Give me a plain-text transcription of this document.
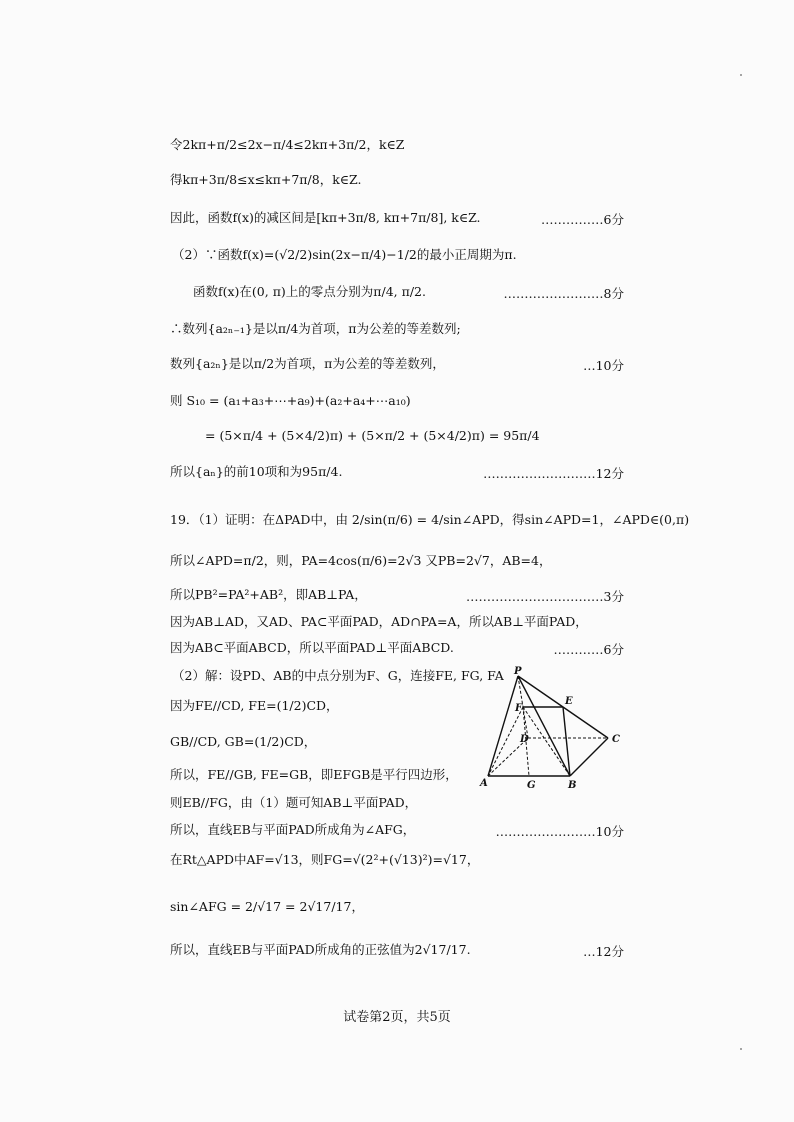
令2kπ+π/2≤2x−π/4≤2kπ+3π/2，k∈Z
得kπ+3π/8≤x≤kπ+7π/8，k∈Z.
因此，函数f(x)的减区间是[kπ+3π/8, kπ+7π/8], k∈Z.	……………6分
（2）∵函数f(x)=(√2/2)sin(2x−π/4)−1/2的最小正周期为π.
函数f(x)在(0, π)上的零点分别为π/4, π/2.	……………………8分
∴数列{a₂ₙ₋₁}是以π/4为首项，π为公差的等差数列;
数列{a₂ₙ}是以π/2为首项，π为公差的等差数列，	…10分
则 S₁₀ = (a₁+a₃+⋯+a₉)+(a₂+a₄+⋯a₁₀)
= (5×π/4 + (5×4/2)π) + (5×π/2 + (5×4/2)π) = 95π/4
所以{aₙ}的前10项和为95π/4.	………………………12分
19．（1）证明：在ΔPAD中，由 2/sin(π/6) = 4/sin∠APD，得sin∠APD=1，∠APD∈(0,π)
所以∠APD=π/2，则，PA=4cos(π/6)=2√3 又PB=2√7，AB=4，
所以PB²=PA²+AB²，即AB⊥PA，	……………………………3分
因为AB⊥AD，又AD、PA⊂平面PAD，AD∩PA=A，所以AB⊥平面PAD，
因为AB⊂平面ABCD，所以平面PAD⊥平面ABCD.	…………6分
（2）解：设PD、AB的中点分别为F、G，连接FE, FG, FA
因为FE//CD, FE=(1/2)CD，
GB//CD, GB=(1/2)CD，
所以，FE//GB, FE=GB，即EFGB是平行四边形，
则EB//FG，由（1）题可知AB⊥平面PAD，
所以，直线EB与平面PAD所成角为∠AFG，	……………………10分
在Rt△APD中AF=√13，则FG=√(2²+(√13)²)=√17，
sin∠AFG = 2/√17 = 2√17/17，
所以，直线EB与平面PAD所成角的正弦值为2√17/17.	…12分
P
E
F
D	C
A	G	B
试卷第2页，共5页
